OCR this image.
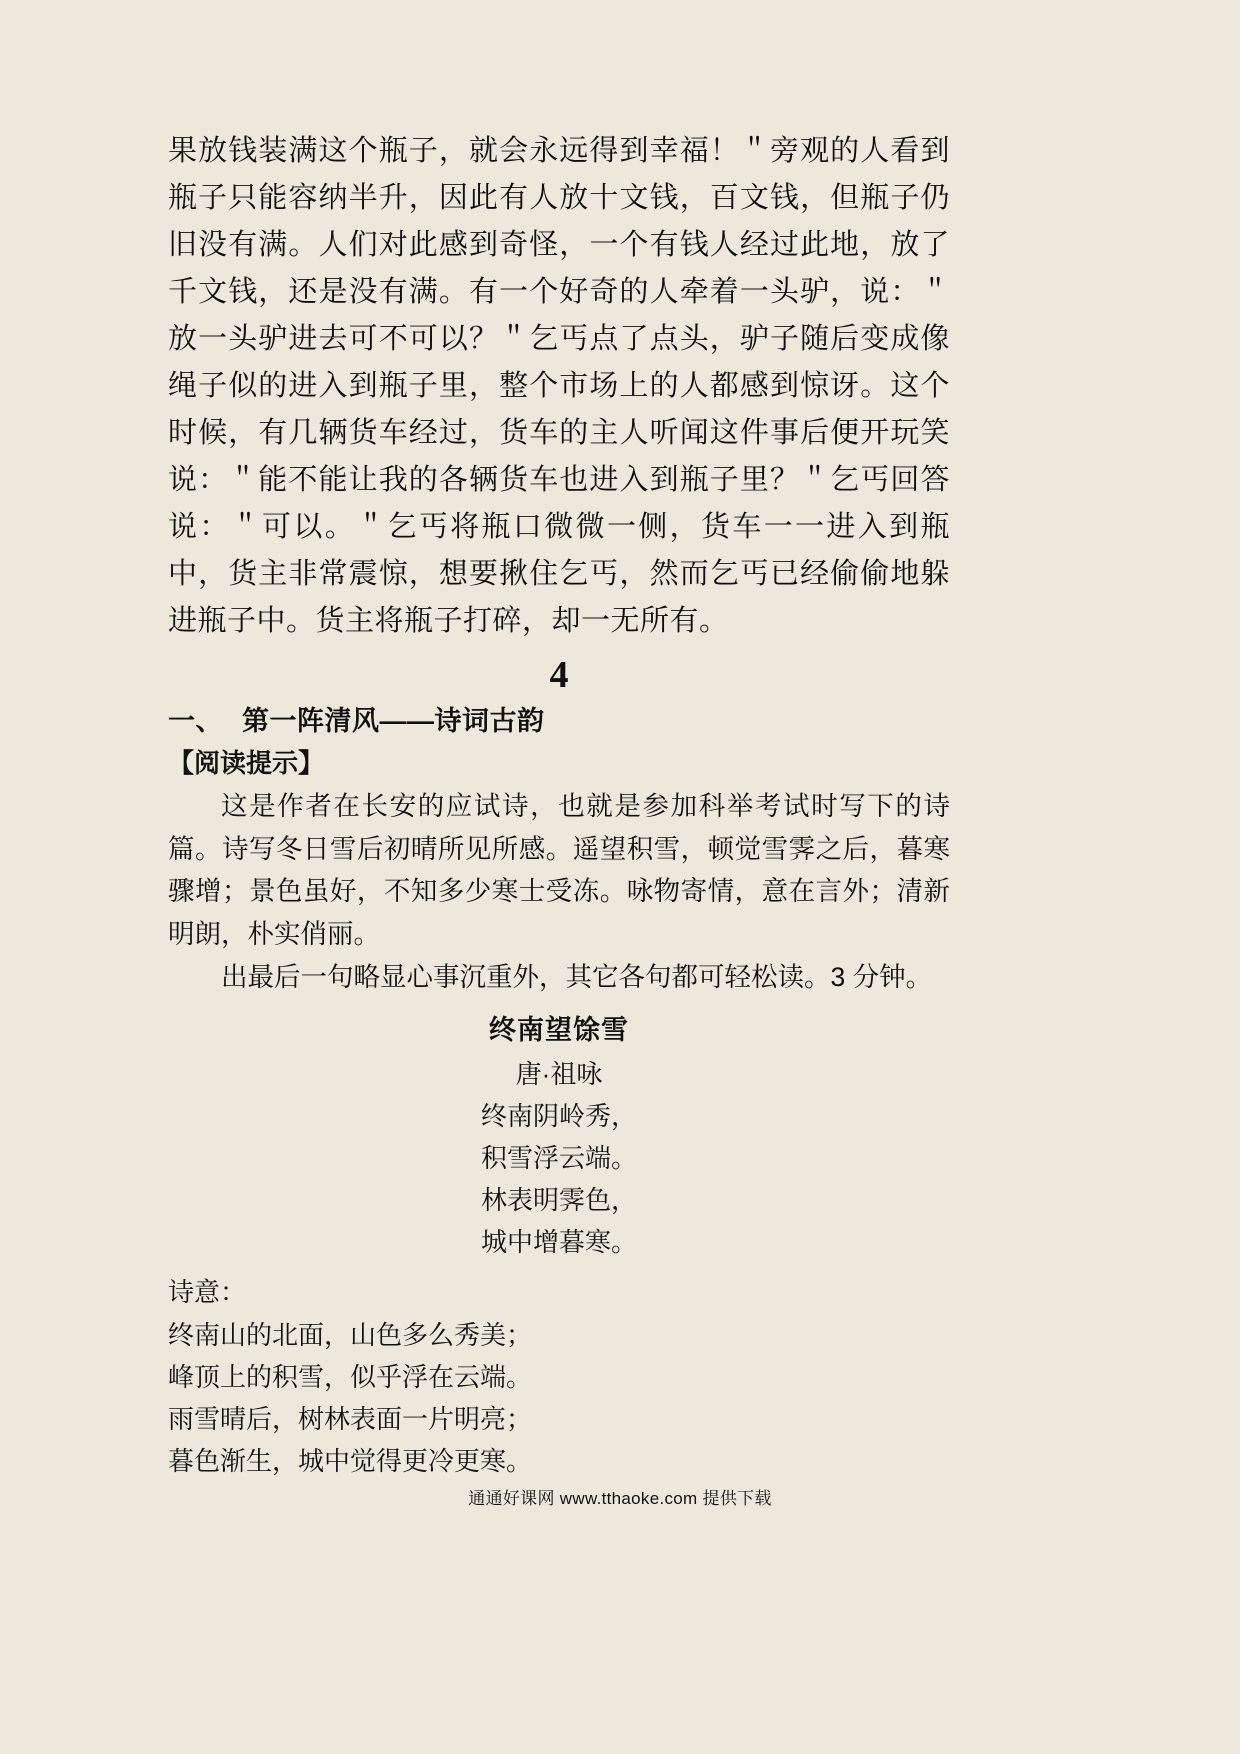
果放钱装满这个瓶子，就会永远得到幸福！＂旁观的人看到瓶子只能容纳半升，因此有人放十文钱，百文钱，但瓶子仍旧没有满。人们对此感到奇怪，一个有钱人经过此地，放了千文钱，还是没有满。有一个好奇的人牵着一头驴，说：＂放一头驴进去可不可以？＂乞丐点了点头，驴子随后变成像绳子似的进入到瓶子里，整个市场上的人都感到惊讶。这个时候，有几辆货车经过，货车的主人听闻这件事后便开玩笑说：＂能不能让我的各辆货车也进入到瓶子里？＂乞丐回答说：＂可以。＂乞丐将瓶口微微一侧，货车一一进入到瓶中，货主非常震惊，想要揪住乞丐，然而乞丐已经偷偷地躲进瓶子中。货主将瓶子打碎，却一无所有。

4
一、 第一阵清风——诗词古韵
【阅读提示】

这是作者在长安的应试诗，也就是参加科举考试时写下的诗篇。诗写冬日雪后初晴所见所感。遥望积雪，顿觉雪霁之后，暮寒骤增；景色虽好，不知多少寒士受冻。咏物寄情，意在言外；清新明朗，朴实俏丽。

出最后一句略显心事沉重外，其它各句都可轻松读。3 分钟。

终南望馀雪
唐·祖咏
终南阴岭秀，
积雪浮云端。
林表明霁色，
城中增暮寒。
诗意：
终南山的北面，山色多么秀美；
峰顶上的积雪，似乎浮在云端。
雨雪晴后，树林表面一片明亮；
暮色渐生，城中觉得更冷更寒。
通通好课网 www.tthaoke.com 提供下载
